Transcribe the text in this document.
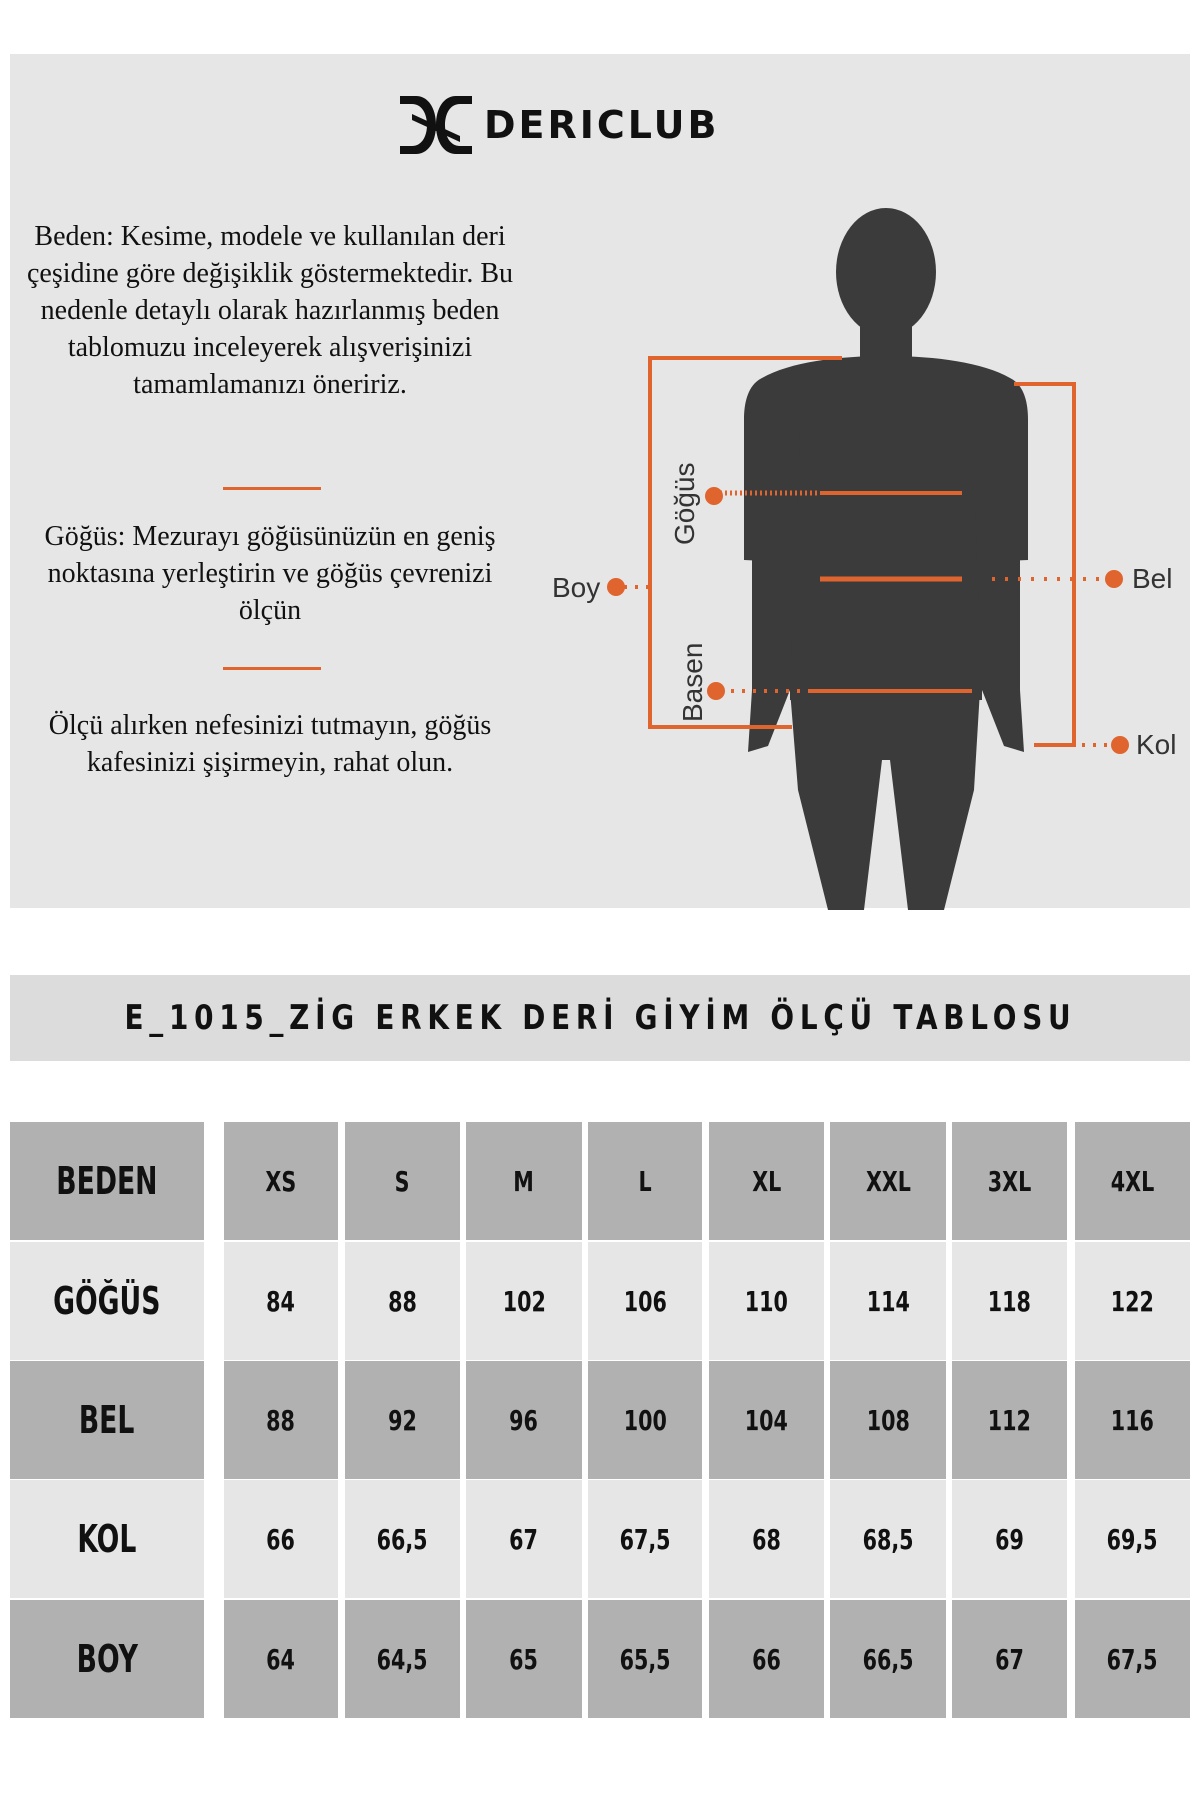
DERICLUB

Beden: Kesime, modele ve kullanılan deri çeşidine göre değişiklik göstermektedir. Bu nedenle detaylı olarak hazırlanmış beden tablomuzu inceleyerek alışverişinizi tamamlamanızı öneririz.

Göğüs: Mezurayı göğüsünüzün en geniş noktasına yerleştirin ve göğüs çevrenizi ölçün

Ölçü alırken nefesinizi tutmayın, göğüs kafesinizi şişirmeyin, rahat olun.

Boy	Bel
Kol
Göğüs
Basen
E_1015_ZİG ERKEK DERİ GİYİM ÖLÇÜ TABLOSU
BEDEN	XS	S	M	L	XL	XXL	3XL	4XL
GÖĞÜS	84	88	102	106	110	114	118	122
BEL	88	92	96	100	104	108	112	116
KOL	66	66,5	67	67,5	68	68,5	69	69,5
BOY	64	64,5	65	65,5	66	66,5	67	67,5
